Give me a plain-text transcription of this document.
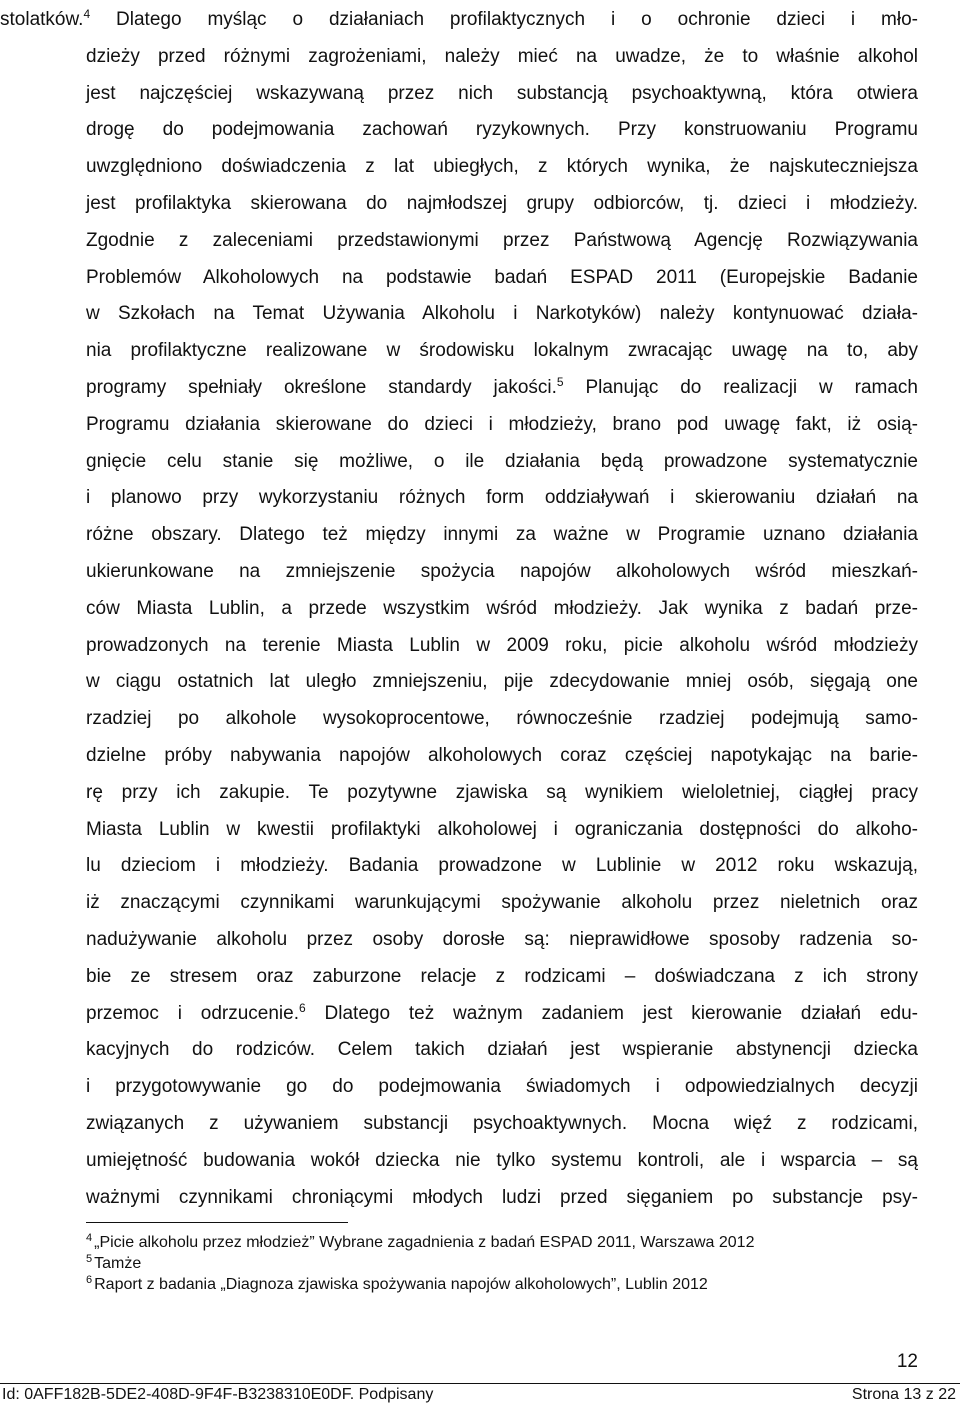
stolatków.$^4$ Dlatego myśląc o działaniach profilaktycznych i o ochronie dzieci i mło-
dzieży przed różnymi zagrożeniami, należy mieć na uwadze, że to właśnie alkohol
jest najczęściej wskazywaną przez nich substancją psychoaktywną, która otwiera
drogę do podejmowania zachowań ryzykownych. Przy konstruowaniu Programu
uwzględniono doświadczenia z lat ubiegłych, z których wynika, że najskuteczniejsza
jest profilaktyka skierowana do najmłodszej grupy odbiorców, tj. dzieci i młodzieży.
Zgodnie z zaleceniami przedstawionymi przez Państwową Agencję Rozwiązywania
Problemów Alkoholowych na podstawie badań ESPAD 2011 (Europejskie Badanie
w Szkołach na Temat Używania Alkoholu i Narkotyków) należy kontynuować działa-
nia profilaktyczne realizowane w środowisku lokalnym zwracając uwagę na to, aby
programy spełniały określone standardy jakości.$^5$ Planując do realizacji w ramach
Programu działania skierowane do dzieci i młodzieży, brano pod uwagę fakt, iż osią-
gnięcie celu stanie się możliwe, o ile działania będą prowadzone systematycznie
i planowo przy wykorzystaniu różnych form oddziaływań i skierowaniu działań na
różne obszary. Dlatego też między innymi za ważne w Programie uznano działania
ukierunkowane na zmniejszenie spożycia napojów alkoholowych wśród mieszkań-
ców Miasta Lublin, a przede wszystkim wśród młodzieży. Jak wynika z badań prze-
prowadzonych na terenie Miasta Lublin w 2009 roku, picie alkoholu wśród młodzieży
w ciągu ostatnich lat uległo zmniejszeniu, pije zdecydowanie mniej osób, sięgają one
rzadziej po alkohole wysokoprocentowe, równocześnie rzadziej podejmują samo-
dzielne próby nabywania napojów alkoholowych coraz częściej napotykając na barie-
rę przy ich zakupie. Te pozytywne zjawiska są wynikiem wieloletniej, ciągłej pracy
Miasta Lublin w kwestii profilaktyki alkoholowej i ograniczania dostępności do alkoho-
lu dzieciom i młodzieży. Badania prowadzone w Lublinie w 2012 roku wskazują,
iż znaczącymi czynnikami warunkującymi spożywanie alkoholu przez nieletnich oraz
nadużywanie alkoholu przez osoby dorosłe są: nieprawidłowe sposoby radzenia so-
bie ze stresem oraz zaburzone relacje z rodzicami – doświadczana z ich strony
przemoc i odrzucenie.$^6$ Dlatego też ważnym zadaniem jest kierowanie działań edu-
kacyjnych do rodziców. Celem takich działań jest wspieranie abstynencji dziecka
i przygotowywanie go do podejmowania świadomych i odpowiedzialnych decyzji
związanych z używaniem substancji psychoaktywnych. Mocna więź z rodzicami,
umiejętność budowania wokół dziecka nie tylko systemu kontroli, ale i wsparcia – są
ważnymi czynnikami chroniącymi młodych ludzi przed sięganiem po substancje psy-
$^4$ „Picie alkoholu przez młodzież” Wybrane zagadnienia z badań ESPAD 2011, Warszawa 2012
$^5$ Tamże
$^6$ Raport z badania „Diagnoza zjawiska spożywania napojów alkoholowych”, Lublin 2012
12
Id: 0AFF182B-5DE2-408D-9F4F-B3238310E0DF. Podpisany	Strona 13 z 22
